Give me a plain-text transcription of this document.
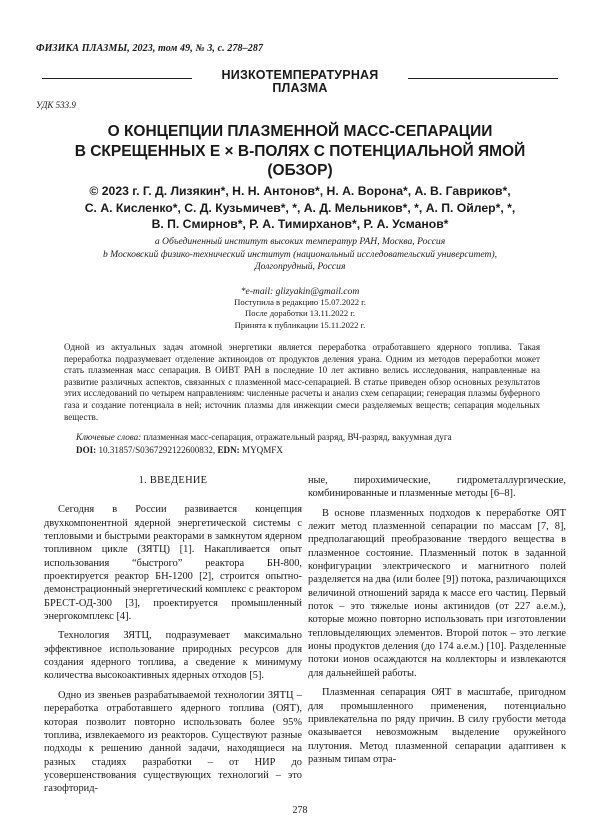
ФИЗИКА ПЛАЗМЫ, 2023, том 49, № 3, с. 278–287
НИЗКОТЕМПЕРАТУРНАЯ
ПЛАЗМА
УДК 533.9
О КОНЦЕПЦИИ ПЛАЗМЕННОЙ МАСС-СЕПАРАЦИИ
В СКРЕЩЕННЫХ Е × В-ПОЛЯХ С ПОТЕНЦИАЛЬНОЙ ЯМОЙ
(ОБЗОР)
© 2023 г. Г. Д. Лизякин*, Н. Н. Антонов*, Н. А. Ворона*, А. В. Гавриков*,
С. А. Кисленко*, С. Д. Кузьмичев*, *, А. Д. Мельников*, *, А. П. Ойлер*, *,
В. П. Смирнов*, Р. А. Тимирханов*, Р. А. Усманов*
a Объединенный институт высоких температур РАН, Москва, Россия
b Московский физико-технический институт (национальный исследовательский университет),
Долгопрудный, Россия
*e-mail: glizyakin@gmail.com
Поступила в редакцию 15.07.2022 г.
После доработки 13.11.2022 г.
Принята к публикации 15.11.2022 г.
Одной из актуальных задач атомной энергетики является переработка отработавшего ядерного топлива. Такая переработка подразумевает отделение актиноидов от продуктов деления урана. Одним из методов переработки может стать плазменная масс сепарация. В ОИВТ РАН в последние 10 лет активно велись исследования, направленные на развитие различных аспектов, связанных с плазменной масс-сепарацией. В статье приведен обзор основных результатов этих исследований по четырем направлениям: численные расчеты и анализ схем сепарации; генерация плазмы буферного газа и создание потенциала в ней; источник плазмы для инжекции смеси разделяемых веществ; сепарация модельных веществ.
Ключевые слова: плазменная масс-сепарация, отражательный разряд, ВЧ-разряд, вакуумная дуга
DOI: 10.31857/S0367292122600832, EDN: MYQMFX
1. ВВЕДЕНИЕ

Сегодня в России развивается концепция двухкомпонентной ядерной энергетической системы с тепловыми и быстрыми реакторами в замкнутом ядерном топливном цикле (ЗЯТЦ) [1]. Накапливается опыт использования “быстрого” реактора БН-800, проектируется реактор БН-1200 [2], строится опытно-демонстрационный энергетический комплекс с реактором БРЕСТ-ОД-300 [3], проектируется промышленный энергокомплекс [4].

Технология ЗЯТЦ, подразумевает максимально эффективное использование природных ресурсов для создания ядерного топлива, а сведение к минимуму количества высокоактивных ядерных отходов [5].

Одно из звеньев разрабатываемой технологии ЗЯТЦ – переработка отработавшего ядерного топлива (ОЯТ), которая позволит повторно использовать более 95% топлива, извлекаемого из реакторов. Существуют разные подходы к решению данной задачи, находящиеся на разных стадиях разработки – от НИР до усовершенствования существующих технологий – это газофторид-

ные, пирохимические, гидрометаллургические, комбинированные и плазменные методы [6–8].

В основе плазменных подходов к переработке ОЯТ лежит метод плазменной сепарации по массам [7, 8], предполагающий преобразование твердого вещества в плазменное состояние. Плазменный поток в заданной конфигурации электрического и магнитного полей разделяется на два (или более [9]) потока, различающихся величиной отношений заряда к массе его частиц. Первый поток – это тяжелые ионы актинидов (от 227 а.е.м.), которые можно повторно использовать при изготовлении тепловыделяющих элементов. Второй поток – это легкие ионы продуктов деления (до 174 а.е.м.) [10]. Разделенные потоки ионов осаждаются на коллекторы и извлекаются для дальнейшей работы.

Плазменная сепарация ОЯТ в масштабе, пригодном для промышленного применения, потенциально привлекательна по ряду причин. В силу грубости метода оказывается невозможным выделение оружейного плутония. Метод плазменной сепарации адаптивен к разным типам отра-

278
